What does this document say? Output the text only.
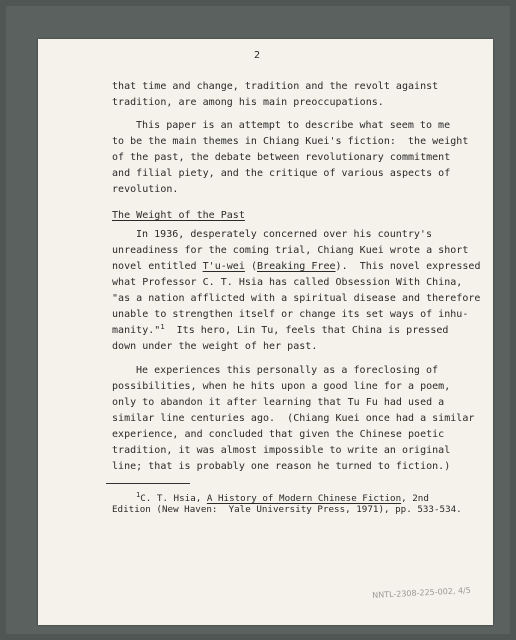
2
that time and change, tradition and the revolt against
tradition, are among his main preoccupations.
This paper is an attempt to describe what seem to me
to be the main themes in Chiang Kuei's fiction:  the weight
of the past, the debate between revolutionary commitment
and filial piety, and the critique of various aspects of
revolution.
The Weight of the Past
In 1936, desperately concerned over his country's
unreadiness for the coming trial, Chiang Kuei wrote a short
novel entitled T'u-wei (Breaking Free).  This novel expressed
what Professor C. T. Hsia has called Obsession With China,
"as a nation afflicted with a spiritual disease and therefore
unable to strengthen itself or change its set ways of inhu-
manity."$^1$  Its hero, Lin Tu, feels that China is pressed
down under the weight of her past.
He experiences this personally as a foreclosing of
possibilities, when he hits upon a good line for a poem,
only to abandon it after learning that Tu Fu had used a
similar line centuries ago.  (Chiang Kuei once had a similar
experience, and concluded that given the Chinese poetic
tradition, it was almost impossible to write an original
line; that is probably one reason he turned to fiction.)
$^1$C. T. Hsia, A History of Modern Chinese Fiction, 2nd
Edition (New Haven:  Yale University Press, 1971), pp. 533-534.
NNTL-2308-225-002, 4/5
